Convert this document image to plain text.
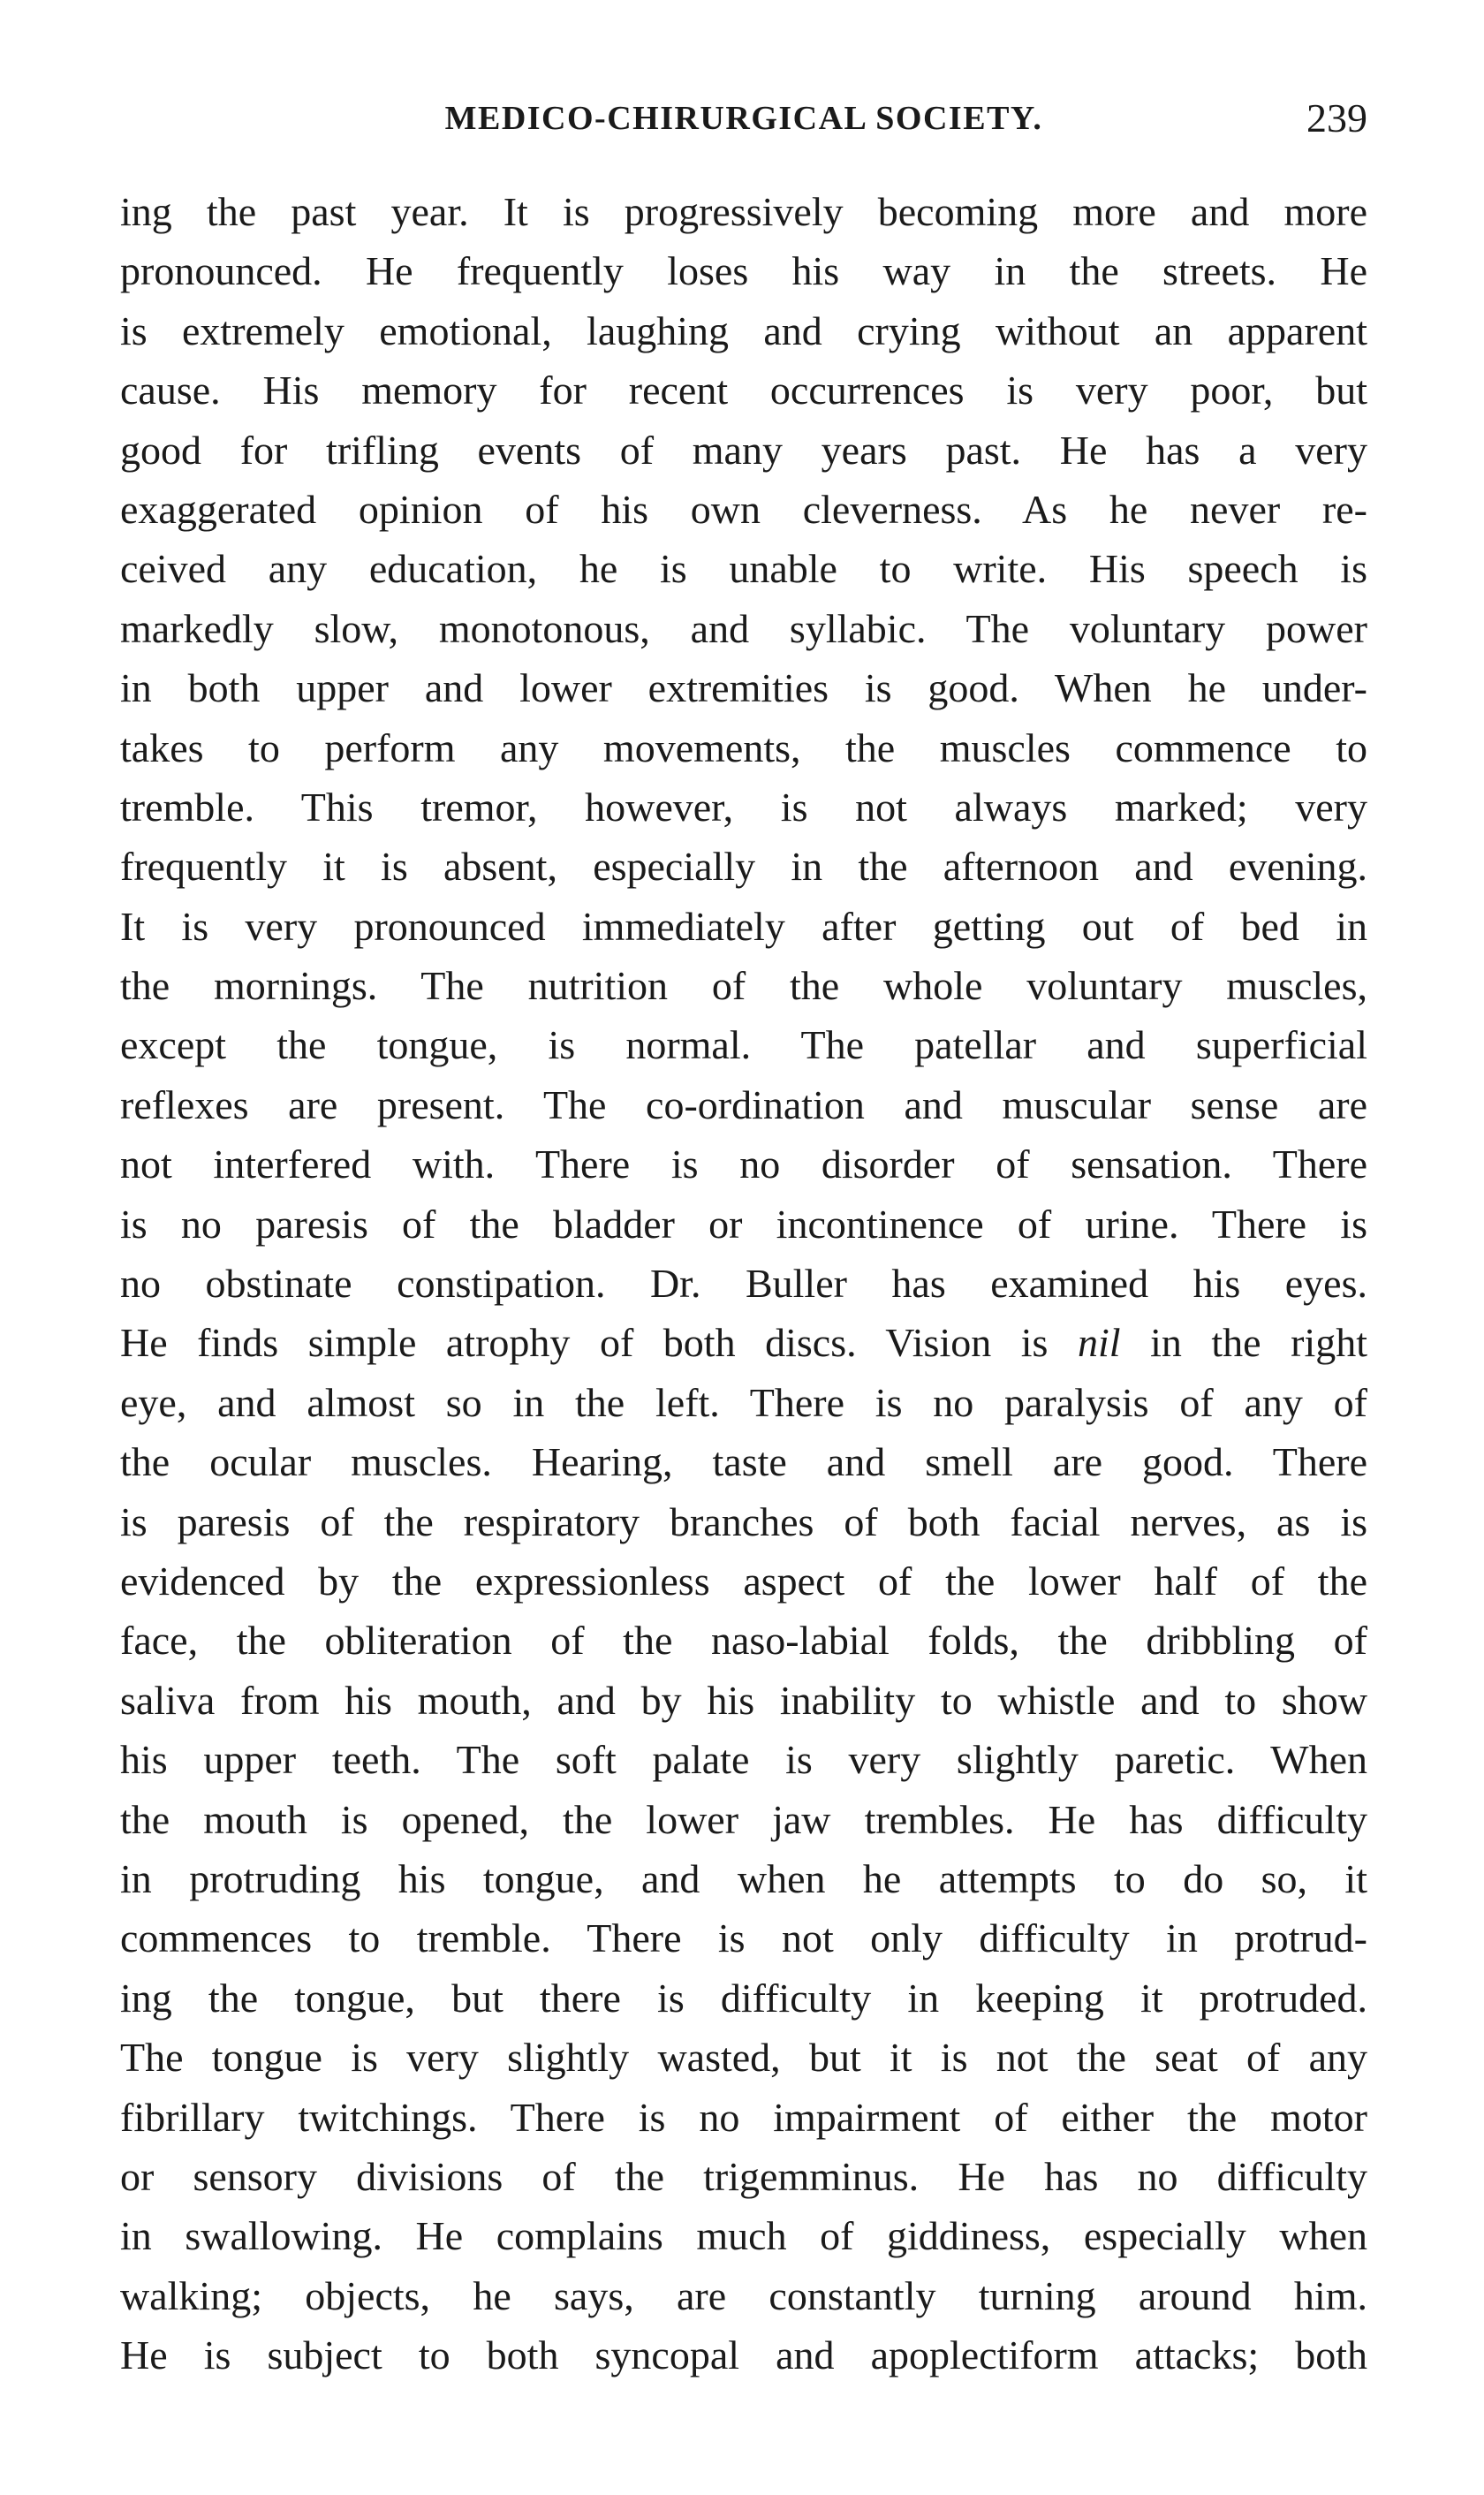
MEDICO-CHIRURGICAL SOCIETY.	239
ing the past year. It is progressively becoming more and more
pronounced. He frequently loses his way in the streets. He
is extremely emotional, laughing and crying without an apparent
cause. His memory for recent occurrences is very poor, but
good for trifling events of many years past. He has a very
exaggerated opinion of his own cleverness. As he never re-
ceived any education, he is unable to write. His speech is
markedly slow, monotonous, and syllabic. The voluntary power
in both upper and lower extremities is good. When he under-
takes to perform any movements, the muscles commence to
tremble. This tremor, however, is not always marked; very
frequently it is absent, especially in the afternoon and evening.
It is very pronounced immediately after getting out of bed in
the mornings. The nutrition of the whole voluntary muscles,
except the tongue, is normal. The patellar and superficial
reflexes are present. The co-ordination and muscular sense are
not interfered with. There is no disorder of sensation. There
is no paresis of the bladder or incontinence of urine. There is
no obstinate constipation. Dr. Buller has examined his eyes.
He finds simple atrophy of both discs. Vision is nil in the right
eye, and almost so in the left. There is no paralysis of any of
the ocular muscles. Hearing, taste and smell are good. There
is paresis of the respiratory branches of both facial nerves, as is
evidenced by the expressionless aspect of the lower half of the
face, the obliteration of the naso-labial folds, the dribbling of
saliva from his mouth, and by his inability to whistle and to show
his upper teeth. The soft palate is very slightly paretic. When
the mouth is opened, the lower jaw trembles. He has difficulty
in protruding his tongue, and when he attempts to do so, it
commences to tremble. There is not only difficulty in protrud-
ing the tongue, but there is difficulty in keeping it protruded.
The tongue is very slightly wasted, but it is not the seat of any
fibrillary twitchings. There is no impairment of either the motor
or sensory divisions of the trigemminus. He has no difficulty
in swallowing. He complains much of giddiness, especially when
walking; objects, he says, are constantly turning around him.
He is subject to both syncopal and apoplectiform attacks; both
